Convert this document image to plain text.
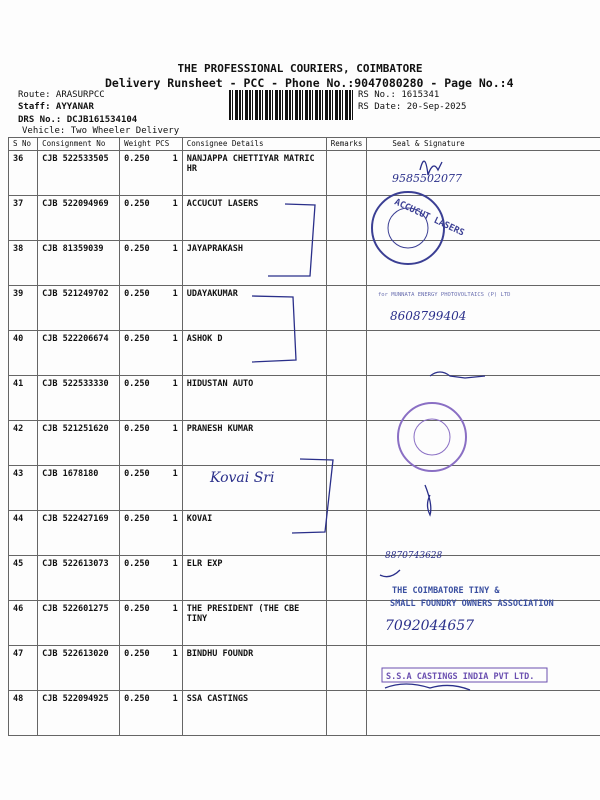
THE PROFESSIONAL COURIERS, COIMBATORE
Delivery Runsheet - PCC - Phone No.:9047080280 - Page No.:4
Route: ARASURPCC
Staff: AYYANAR
DRS No.: DCJB161534104
Vehicle: Two Wheeler Delivery
RS No.: 1615341
RS Date: 20-Sep-2025
S No	Consignment No	Weight PCS	Consignee Details	Remarks	Seal & Signature
36	CJB 522533505	0.250 1	NANJAPPA CHETTIYAR MATRIC HR		
37	CJB 522094969	0.250 1	ACCUCUT LASERS		
38	CJB 81359039	0.250 1	JAYAPRAKASH		
39	CJB 521249702	0.250 1	UDAYAKUMAR		
40	CJB 522206674	0.250 1	ASHOK D		
41	CJB 522533330	0.250 1	HIDUSTAN AUTO		
42	CJB 521251620	0.250 1	PRANESH KUMAR		
43	CJB 1678180	0.250 1			

44	CJB 522427169	0.250 1	KOVAI		
45	CJB 522613073	0.250 1	ELR EXP		
46	CJB 522601275	0.250 1	THE PRESIDENT (THE CBE TINY		
47	CJB 522613020	0.250 1	BINDHU FOUNDR		
48	CJB 522094925	0.250 1	SSA CASTINGS		
Kovai Sri
9585502077
8608799404
8870743628
7092044657
ACCUCUT LASERS
for MUNNATA ENERGY PHOTOVOLTAICS (P) LTD
THE COIMBATORE TINY &
SMALL FOUNDRY OWNERS ASSOCIATION
S.S.A CASTINGS INDIA PVT LTD.
